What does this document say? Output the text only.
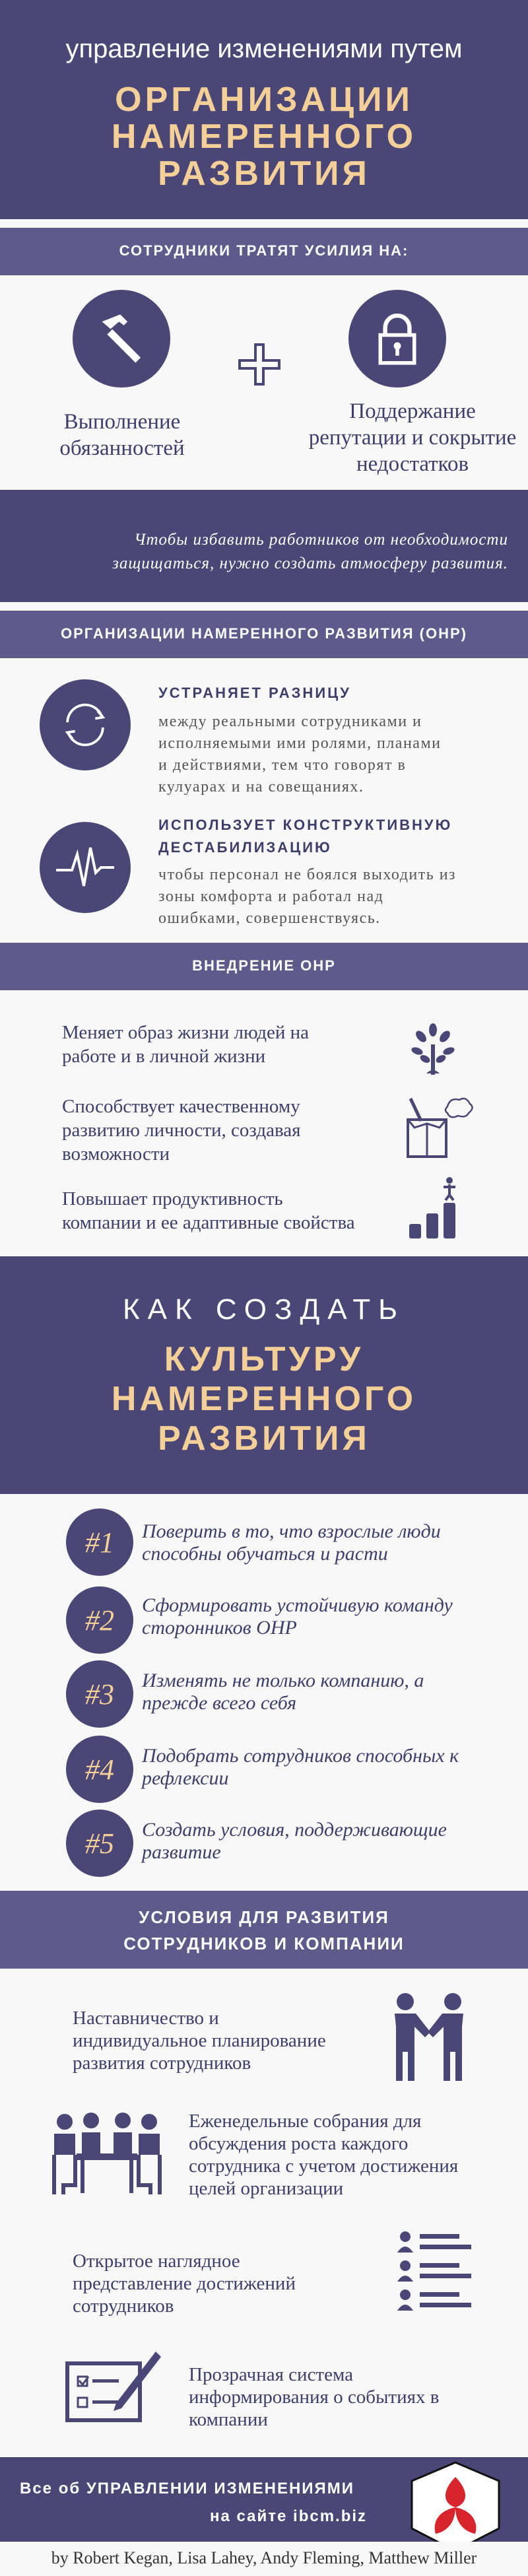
управление изменениями путем
ОРГАНИЗАЦИИ
НАМЕРЕННОГО
РАЗВИТИЯ
СОТРУДНИКИ ТРАТЯТ УСИЛИЯ НА:
Выполнение
обязанностей
Поддержание
репутации и сокрытие
недостатков
Чтобы избавить работников от необходимости
защищаться, нужно создать атмосферу развития.
ОРГАНИЗАЦИИ НАМЕРЕННОГО РАЗВИТИЯ (ОНР)
УСТРАНЯЕТ РАЗНИЦУ
между реальными сотрудниками и
исполняемыми ими ролями, планами
и действиями, тем что говорят в
кулуарах и на совещаниях.
ИСПОЛЬЗУЕТ КОНСТРУКТИВНУЮ
ДЕСТАБИЛИЗАЦИЮ
чтобы персонал не боялся выходить из
зоны комфорта и работал над
ошибками, совершенствуясь.
ВНЕДРЕНИЕ ОНР
Меняет образ жизни людей на
работе и в личной жизни
Способствует качественному
развитию личности, создавая
возможности
Повышает продуктивность
компании и ее адаптивные свойства
КАК СОЗДАТЬ
КУЛЬТУРУ
НАМЕРЕННОГО
РАЗВИТИЯ
#1	Поверить в то, что взрослые люди
способны обучаться и расти
#2	Сформировать устойчивую команду
сторонников ОНР
#3	Изменять не только компанию, а
прежде всего себя
#4	Подобрать сотрудников способных к
рефлексии
#5	Создать условия, поддерживающие
развитие
УСЛОВИЯ ДЛЯ РАЗВИТИЯ
СОТРУДНИКОВ И КОМПАНИИ
Наставничество и
индивидуальное планирование
развития сотрудников
Еженедельные собрания для
обсуждения роста каждого
сотрудника с учетом достижения
целей организации
Открытое наглядное
представление достижений
сотрудников
Прозрачная система
информирования о событиях в
компании
Все об УПРАВЛЕНИИ ИЗМЕНЕНИЯМИ
на сайте ibcm.biz
by Robert Kegan, Lisa Lahey, Andy Fleming, Matthew Miller
